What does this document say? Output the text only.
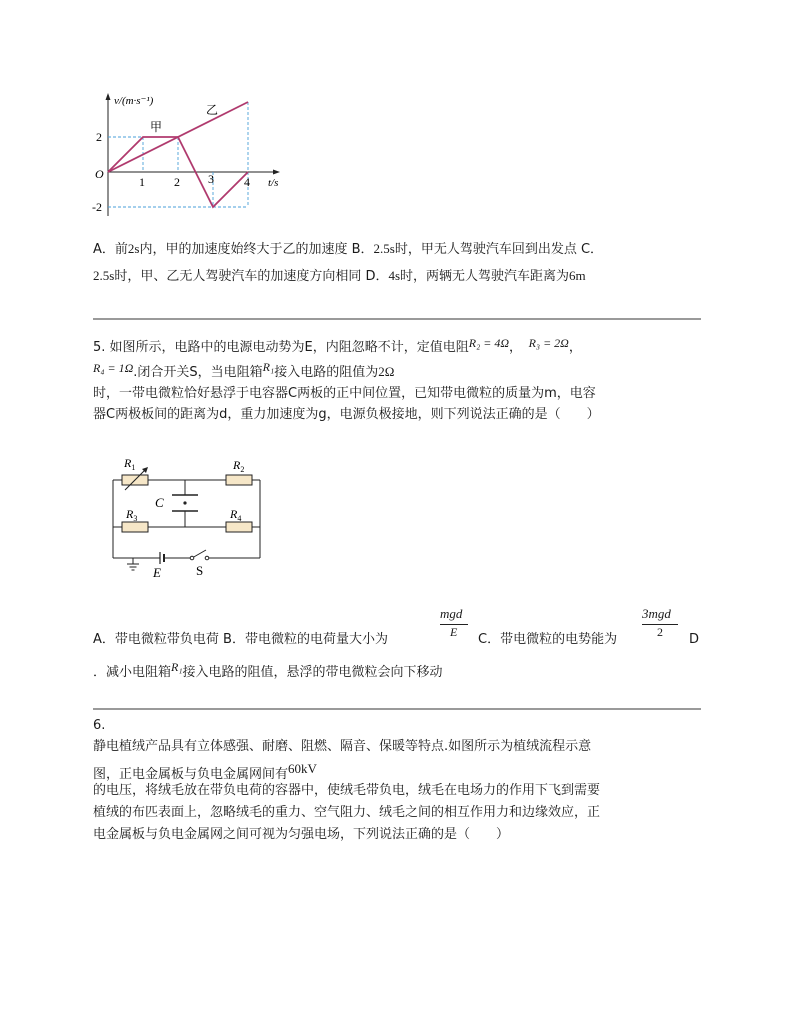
v/(m·s⁻¹)
t/s
O
2
-2
1 2 3	4
甲
乙
A．前2s内，甲的加速度始终大于乙的加速度 B．2.5s时，甲无人驾驶汽车回到出发点 C．
2.5s时，甲、乙无人驾驶汽车的加速度方向相同 D．4s时，两辆无人驾驶汽车距离为6m
5. 如图所示，电路中的电源电动势为E，内阻忽略不计，定值电阻R₂ = 4Ω，　 R₃ = 2Ω，
R₄ = 1Ω.闭合开关S，当电阻箱R₁接入电路的阻值为2Ω
时，一带电微粒恰好悬浮于电容器C两板的正中间位置，已知带电微粒的质量为m，电容
器C两极板间的距离为d，重力加速度为g，电源负极接地，则下列说法正确的是（　　）
$R_1$	$R_2$
$R_3$	$R_4$
C
E	S
mgd
E
3mgd
2
A．带电微粒带负电荷 B．带电微粒的电荷量大小为	C．带电微粒的电势能为	D
．减小电阻箱R₁接入电路的阻值，悬浮的带电微粒会向下移动
6.
静电植绒产品具有立体感强、耐磨、阻燃、隔音、保暖等特点.如图所示为植绒流程示意
图，正电金属板与负电金属网间有60kV
的电压，将绒毛放在带负电荷的容器中，使绒毛带负电，绒毛在电场力的作用下飞到需要
植绒的布匹表面上，忽略绒毛的重力、空气阻力、绒毛之间的相互作用力和边缘效应，正
电金属板与负电金属网之间可视为匀强电场，下列说法正确的是（　　）
